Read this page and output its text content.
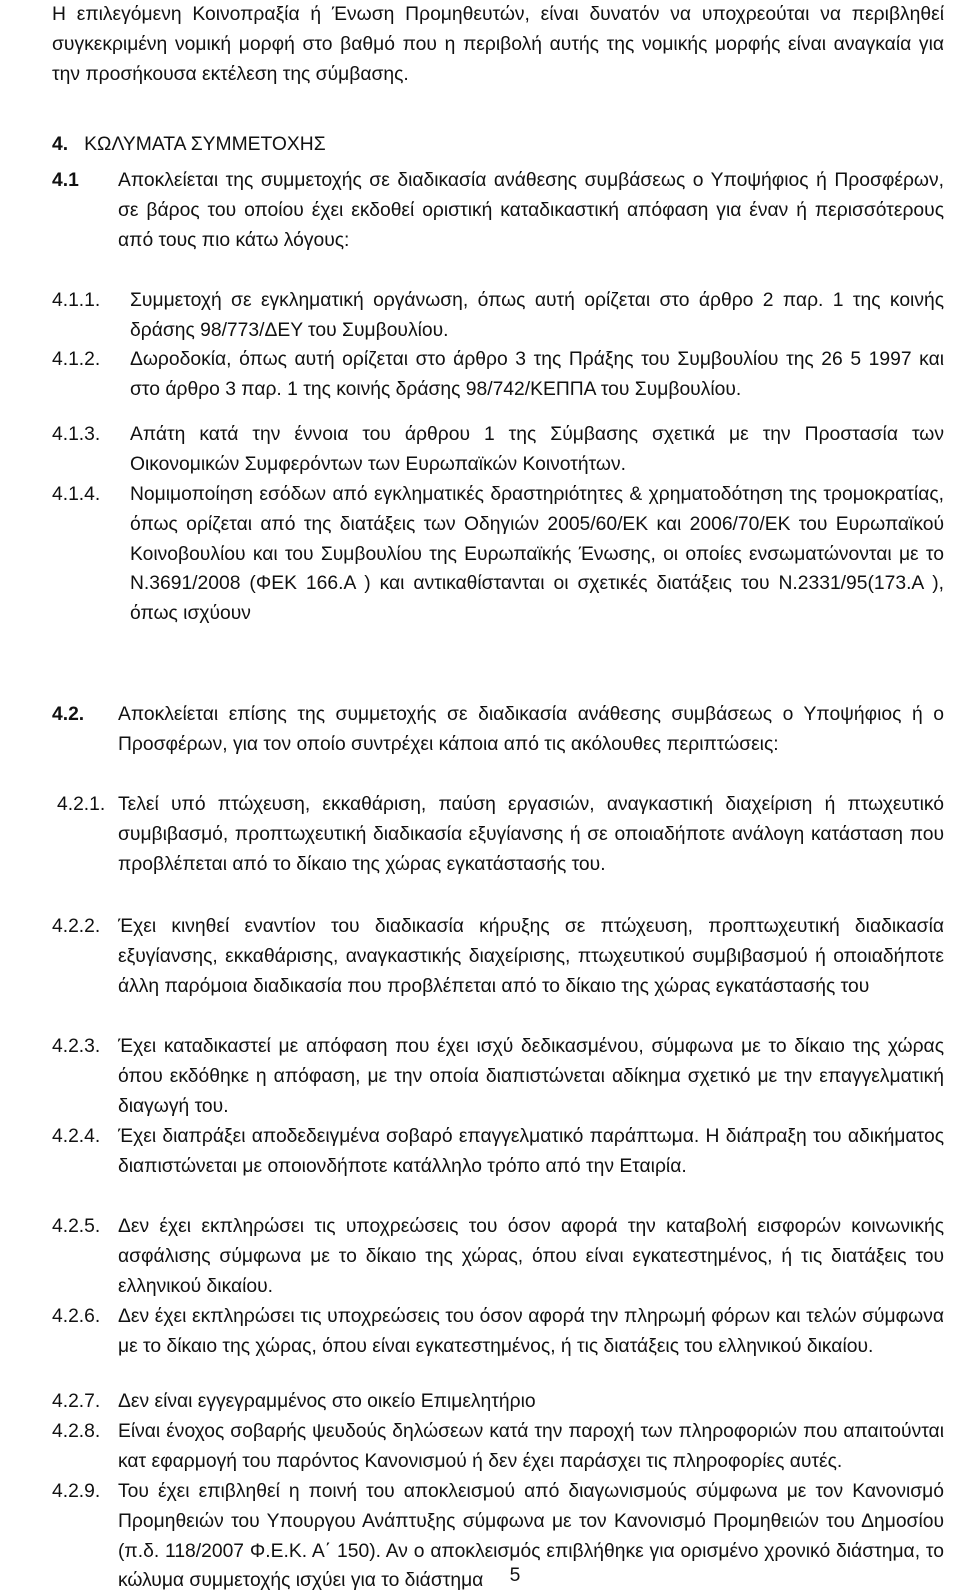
Η επιλεγόμενη Κοινοπραξία ή Ένωση Προμηθευτών, είναι δυνατόν να υποχρεούται να περιβληθεί συγκεκριμένη νομική μορφή στο βαθμό που η περιβολή αυτής της νομικής μορφής είναι αναγκαία για την προσήκουσα εκτέλεση της σύμβασης.

4. ΚΩΛΥΜΑΤΑ ΣΥΜΜΕΤΟΧΗΣ

4.1 Αποκλείεται της συμμετοχής σε διαδικασία ανάθεσης συμβάσεως ο Υποψήφιος ή Προσφέρων, σε βάρος του οποίου έχει εκδοθεί οριστική καταδικαστική απόφαση για έναν ή περισσότερους από τους πιο κάτω λόγους:

4.1.1. Συμμετοχή σε εγκληματική οργάνωση, όπως αυτή ορίζεται στο άρθρο 2 παρ. 1 της κοινής δράσης 98/773/ΔΕΥ του Συμβουλίου.

4.1.2. Δωροδοκία, όπως αυτή ορίζεται στο άρθρο 3 της Πράξης του Συμβουλίου της 26 5 1997 και στο άρθρο 3 παρ. 1 της κοινής δράσης 98/742/ΚΕΠΠΑ του Συμβουλίου.

4.1.3. Απάτη κατά την έννοια του άρθρου 1 της Σύμβασης σχετικά με την Προστασία των Οικονομικών Συμφερόντων των Ευρωπαϊκών Κοινοτήτων.

4.1.4. Νομιμοποίηση εσόδων από εγκληματικές δραστηριότητες & χρηματοδότηση της τρομοκρατίας, όπως ορίζεται από της διατάξεις των Οδηγιών 2005/60/ΕΚ και 2006/70/ΕΚ του Ευρωπαϊκού Κοινοβουλίου και του Συμβουλίου της Ευρωπαϊκής Ένωσης, οι οποίες ενσωματώνονται με το Ν.3691/2008 (ΦΕΚ 166.Α ) και αντικαθίστανται οι σχετικές διατάξεις του Ν.2331/95(173.Α ), όπως ισχύουν

4.2. Αποκλείεται επίσης της συμμετοχής σε διαδικασία ανάθεσης συμβάσεως ο Υποψήφιος ή ο Προσφέρων, για τον οποίο συντρέχει κάποια από τις ακόλουθες περιπτώσεις:

4.2.1. Τελεί υπό πτώχευση, εκκαθάριση, παύση εργασιών, αναγκαστική διαχείριση ή πτωχευτικό συμβιβασμό, προπτωχευτική διαδικασία εξυγίανσης ή σε οποιαδήποτε ανάλογη κατάσταση που προβλέπεται από το δίκαιο της χώρας εγκατάστασής του.

4.2.2. Έχει κινηθεί εναντίον του διαδικασία κήρυξης σε πτώχευση, προπτωχευτική διαδικασία εξυγίανσης, εκκαθάρισης, αναγκαστικής διαχείρισης, πτωχευτικού συμβιβασμού ή οποιαδήποτε άλλη παρόμοια διαδικασία που προβλέπεται από το δίκαιο της χώρας εγκατάστασής του

4.2.3. Έχει καταδικαστεί με απόφαση που έχει ισχύ δεδικασμένου, σύμφωνα με το δίκαιο της χώρας όπου εκδόθηκε η απόφαση, με την οποία διαπιστώνεται αδίκημα σχετικό με την επαγγελματική διαγωγή του.

4.2.4. Έχει διαπράξει αποδεδειγμένα σοβαρό επαγγελματικό παράπτωμα. Η διάπραξη του αδικήματος διαπιστώνεται με οποιονδήποτε κατάλληλο τρόπο από την Εταιρία.

4.2.5. Δεν έχει εκπληρώσει τις υποχρεώσεις του όσον αφορά την καταβολή εισφορών κοινωνικής ασφάλισης σύμφωνα με το δίκαιο της χώρας, όπου είναι εγκατεστημένος, ή τις διατάξεις του ελληνικού δικαίου.

4.2.6. Δεν έχει εκπληρώσει τις υποχρεώσεις του όσον αφορά την πληρωμή φόρων και τελών σύμφωνα με το δίκαιο της χώρας, όπου είναι εγκατεστημένος, ή τις διατάξεις του ελληνικού δικαίου.

4.2.7. Δεν είναι εγγεγραμμένος στο οικείο Επιμελητήριο

4.2.8. Είναι ένοχος σοβαρής ψευδούς δηλώσεων κατά την παροχή των πληροφοριών που απαιτούνται κατ εφαρμογή του παρόντος Κανονισμού ή δεν έχει παράσχει τις πληροφορίες αυτές.

4.2.9. Του έχει επιβληθεί η ποινή του αποκλεισμού από διαγωνισμούς σύμφωνα με τον Κανονισμό Προμηθειών του Υπουργου Ανάπτυξης σύμφωνα με τον Κανονισμό Προμηθειών του Δημοσίου (π.δ. 118/2007 Φ.Ε.Κ. Α΄ 150). Αν ο αποκλεισμός επιβλήθηκε για ορισμένο χρονικό διάστημα, το κώλυμα συμμετοχής ισχύει για το διάστημα	5
